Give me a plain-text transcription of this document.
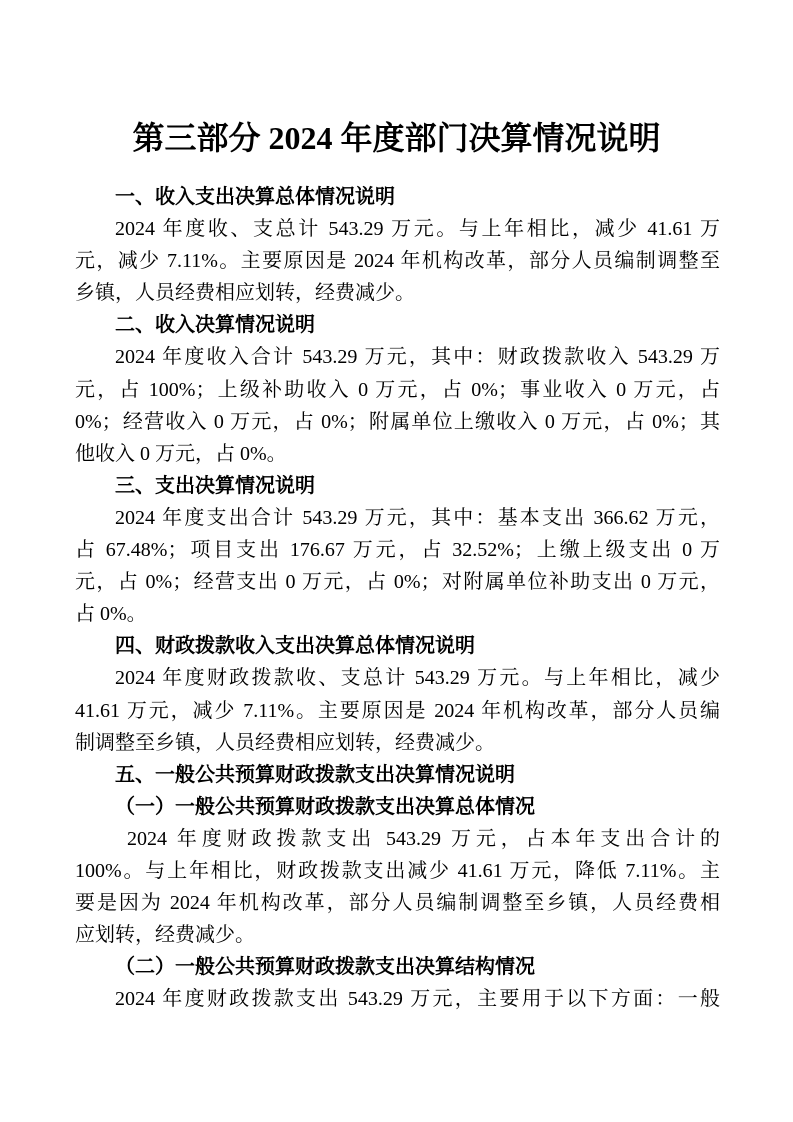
第三部分 2024 年度部门决算情况说明
一、收入支出决算总体情况说明
2024 年度收、支总计 543.29 万元。与上年相比，减少 41.61 万
元，减少 7.11%。主要原因是 2024 年机构改革，部分人员编制调整至
乡镇，人员经费相应划转，经费减少。
二、收入决算情况说明
2024 年度收入合计 543.29 万元，其中：财政拨款收入 543.29 万
元，占 100%；上级补助收入 0 万元，占 0%；事业收入 0 万元，占
0%；经营收入 0 万元，占 0%；附属单位上缴收入 0 万元，占 0%；其
他收入 0 万元，占 0%。
三、支出决算情况说明
2024 年度支出合计 543.29 万元，其中：基本支出 366.62 万元，
占 67.48%；项目支出 176.67 万元，占 32.52%；上缴上级支出 0 万
元，占 0%；经营支出 0 万元，占 0%；对附属单位补助支出 0 万元，
占 0%。
四、财政拨款收入支出决算总体情况说明
2024 年度财政拨款收、支总计 543.29 万元。与上年相比，减少
41.61 万元，减少 7.11%。主要原因是 2024 年机构改革，部分人员编
制调整至乡镇，人员经费相应划转，经费减少。
五、一般公共预算财政拨款支出决算情况说明
（一）一般公共预算财政拨款支出决算总体情况
2024 年度财政拨款支出 543.29 万元，占本年支出合计的
100%。与上年相比，财政拨款支出减少 41.61 万元，降低 7.11%。主
要是因为 2024 年机构改革，部分人员编制调整至乡镇，人员经费相
应划转，经费减少。
（二）一般公共预算财政拨款支出决算结构情况
2024 年度财政拨款支出 543.29 万元，主要用于以下方面：一般
